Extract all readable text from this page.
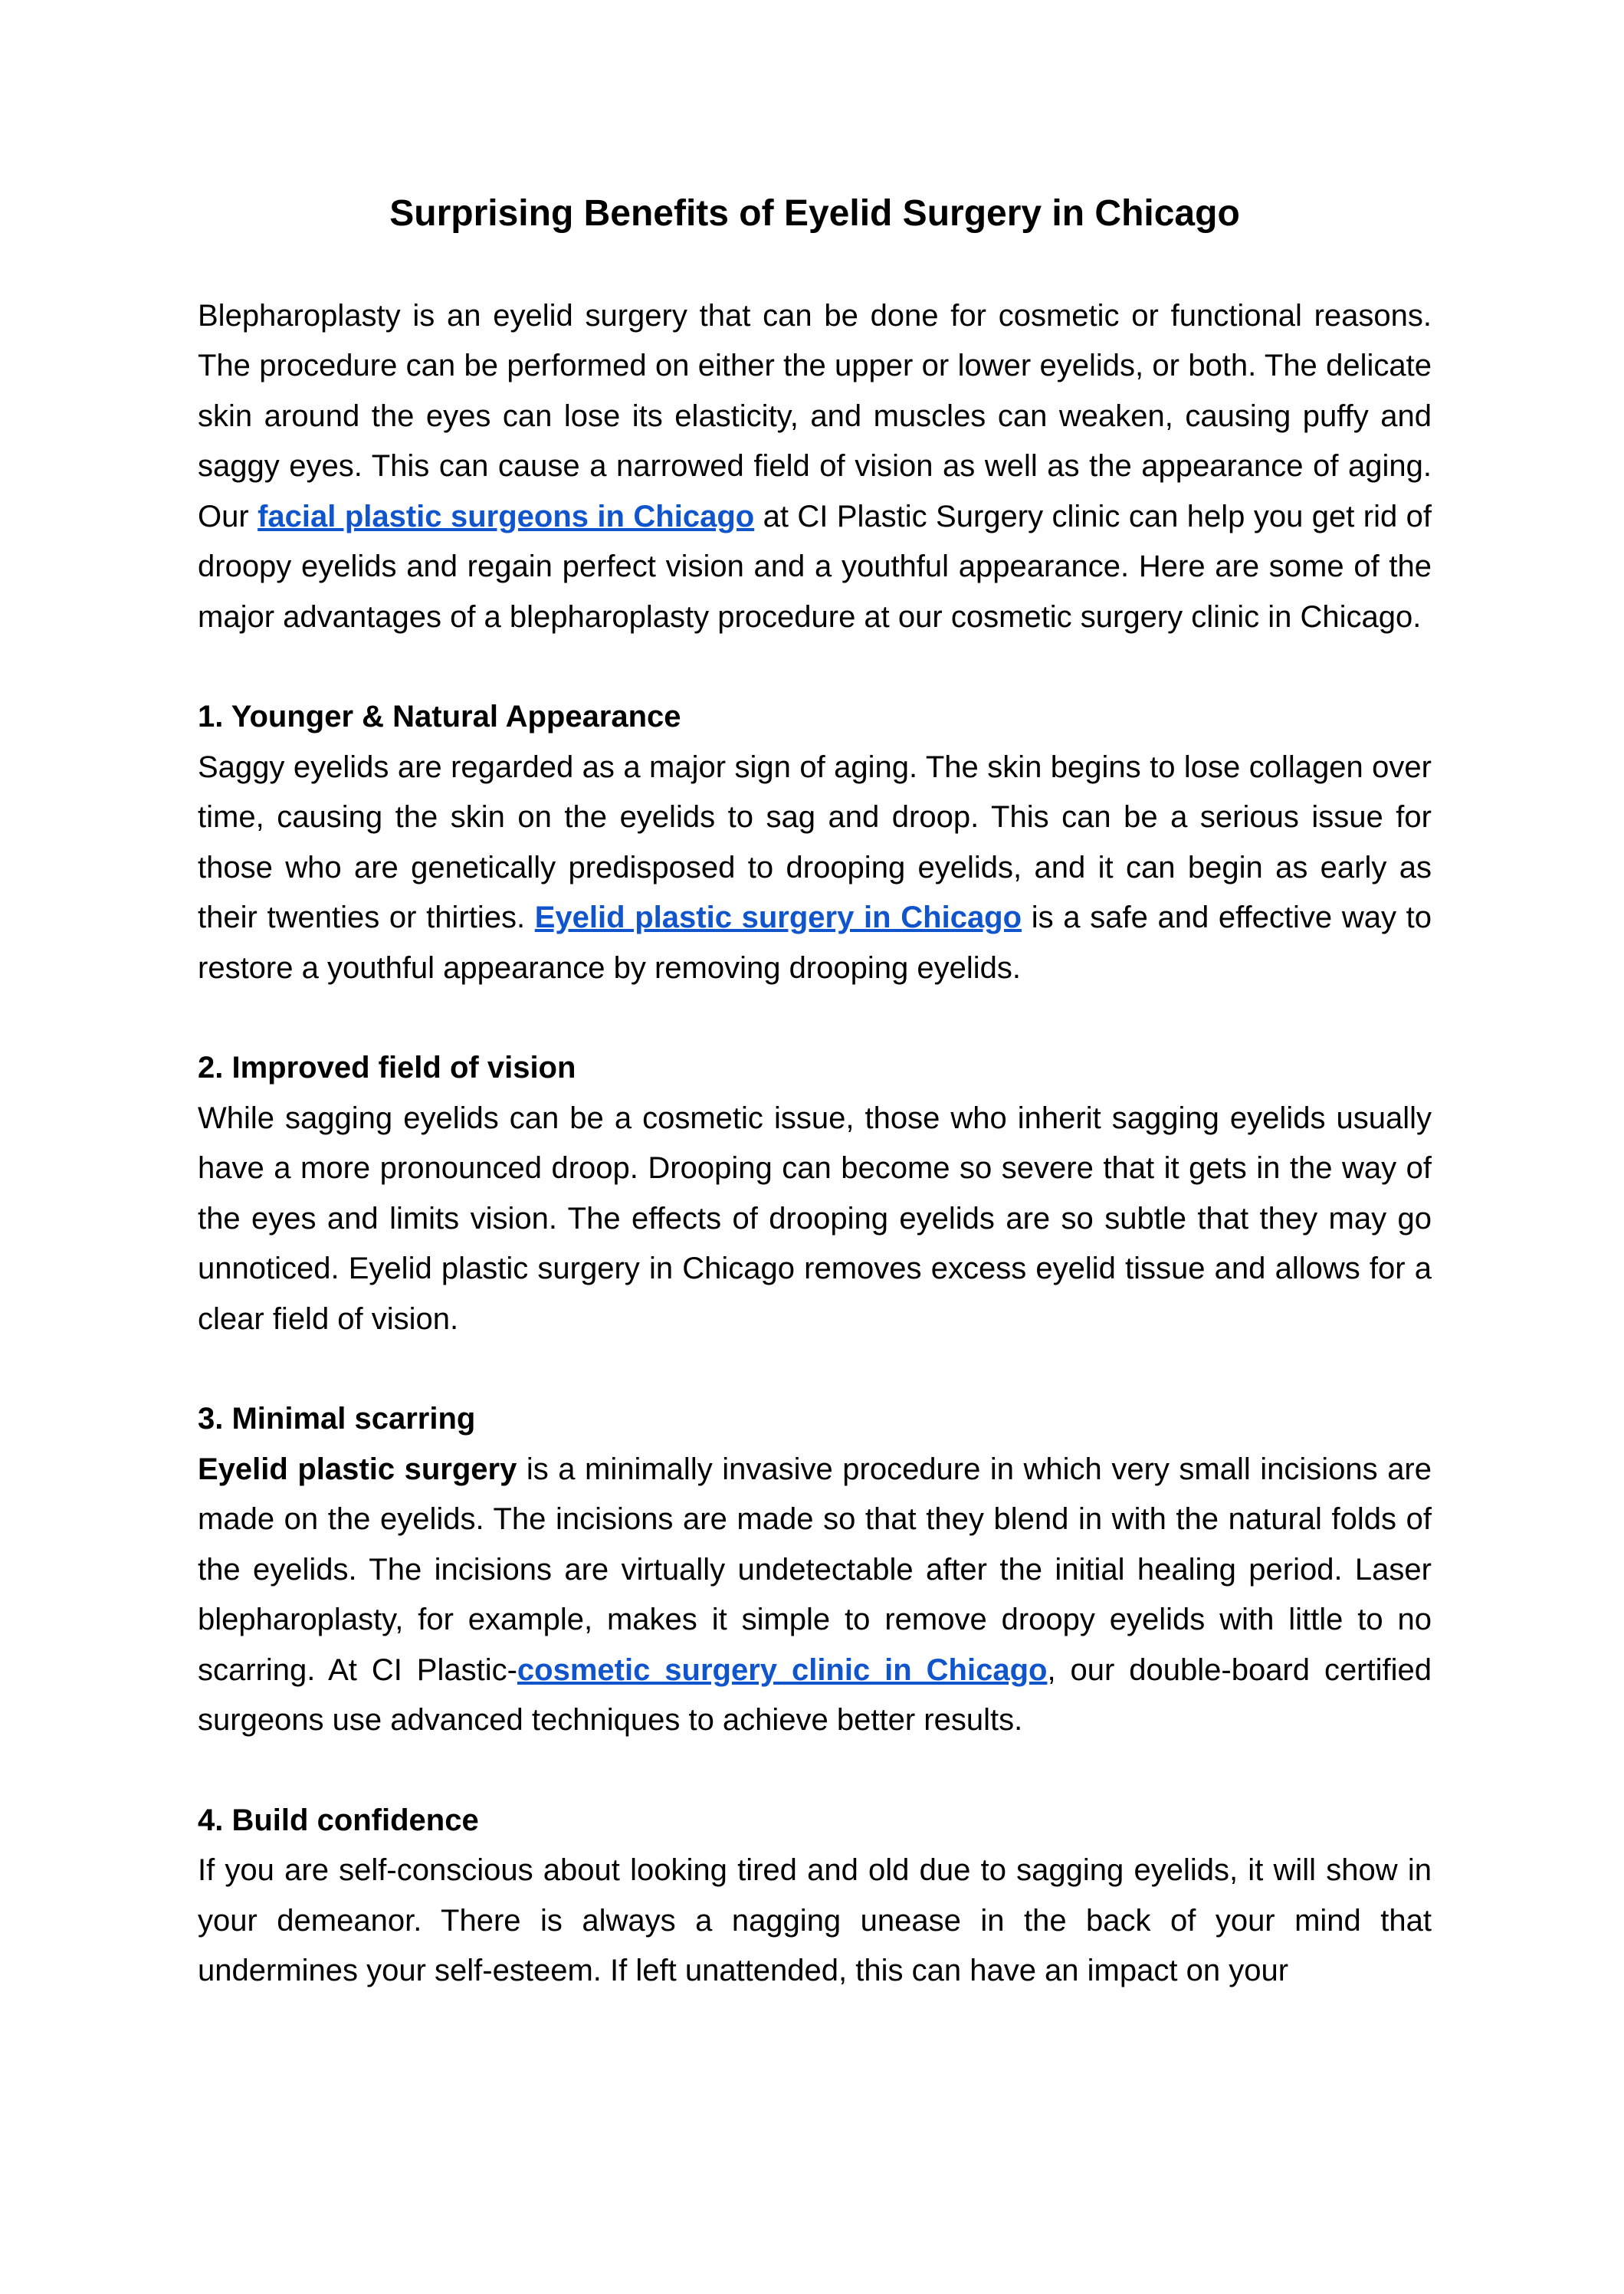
Surprising Benefits of Eyelid Surgery in Chicago

Blepharoplasty is an eyelid surgery that can be done for cosmetic or functional reasons. The procedure can be performed on either the upper or lower eyelids, or both. The delicate skin around the eyes can lose its elasticity, and muscles can weaken, causing puffy and saggy eyes. This can cause a narrowed field of vision as well as the appearance of aging. Our facial plastic surgeons in Chicago at CI Plastic Surgery clinic can help you get rid of droopy eyelids and regain perfect vision and a youthful appearance. Here are some of the major advantages of a blepharoplasty procedure at our cosmetic surgery clinic in Chicago.

1. Younger & Natural Appearance

Saggy eyelids are regarded as a major sign of aging. The skin begins to lose collagen over time, causing the skin on the eyelids to sag and droop. This can be a serious issue for those who are genetically predisposed to drooping eyelids, and it can begin as early as their twenties or thirties. Eyelid plastic surgery in Chicago is a safe and effective way to restore a youthful appearance by removing drooping eyelids.

2. Improved field of vision

While sagging eyelids can be a cosmetic issue, those who inherit sagging eyelids usually have a more pronounced droop. Drooping can become so severe that it gets in the way of the eyes and limits vision. The effects of drooping eyelids are so subtle that they may go unnoticed. Eyelid plastic surgery in Chicago removes excess eyelid tissue and allows for a clear field of vision.

3. Minimal scarring

Eyelid plastic surgery is a minimally invasive procedure in which very small incisions are made on the eyelids. The incisions are made so that they blend in with the natural folds of the eyelids. The incisions are virtually undetectable after the initial healing period. Laser blepharoplasty, for example, makes it simple to remove droopy eyelids with little to no scarring. At CI Plastic-cosmetic surgery clinic in Chicago, our double-board certified surgeons use advanced techniques to achieve better results.

4. Build confidence

If you are self-conscious about looking tired and old due to sagging eyelids, it will show in your demeanor. There is always a nagging unease in the back of your mind that undermines your self-esteem. If left unattended, this can have an impact on your
